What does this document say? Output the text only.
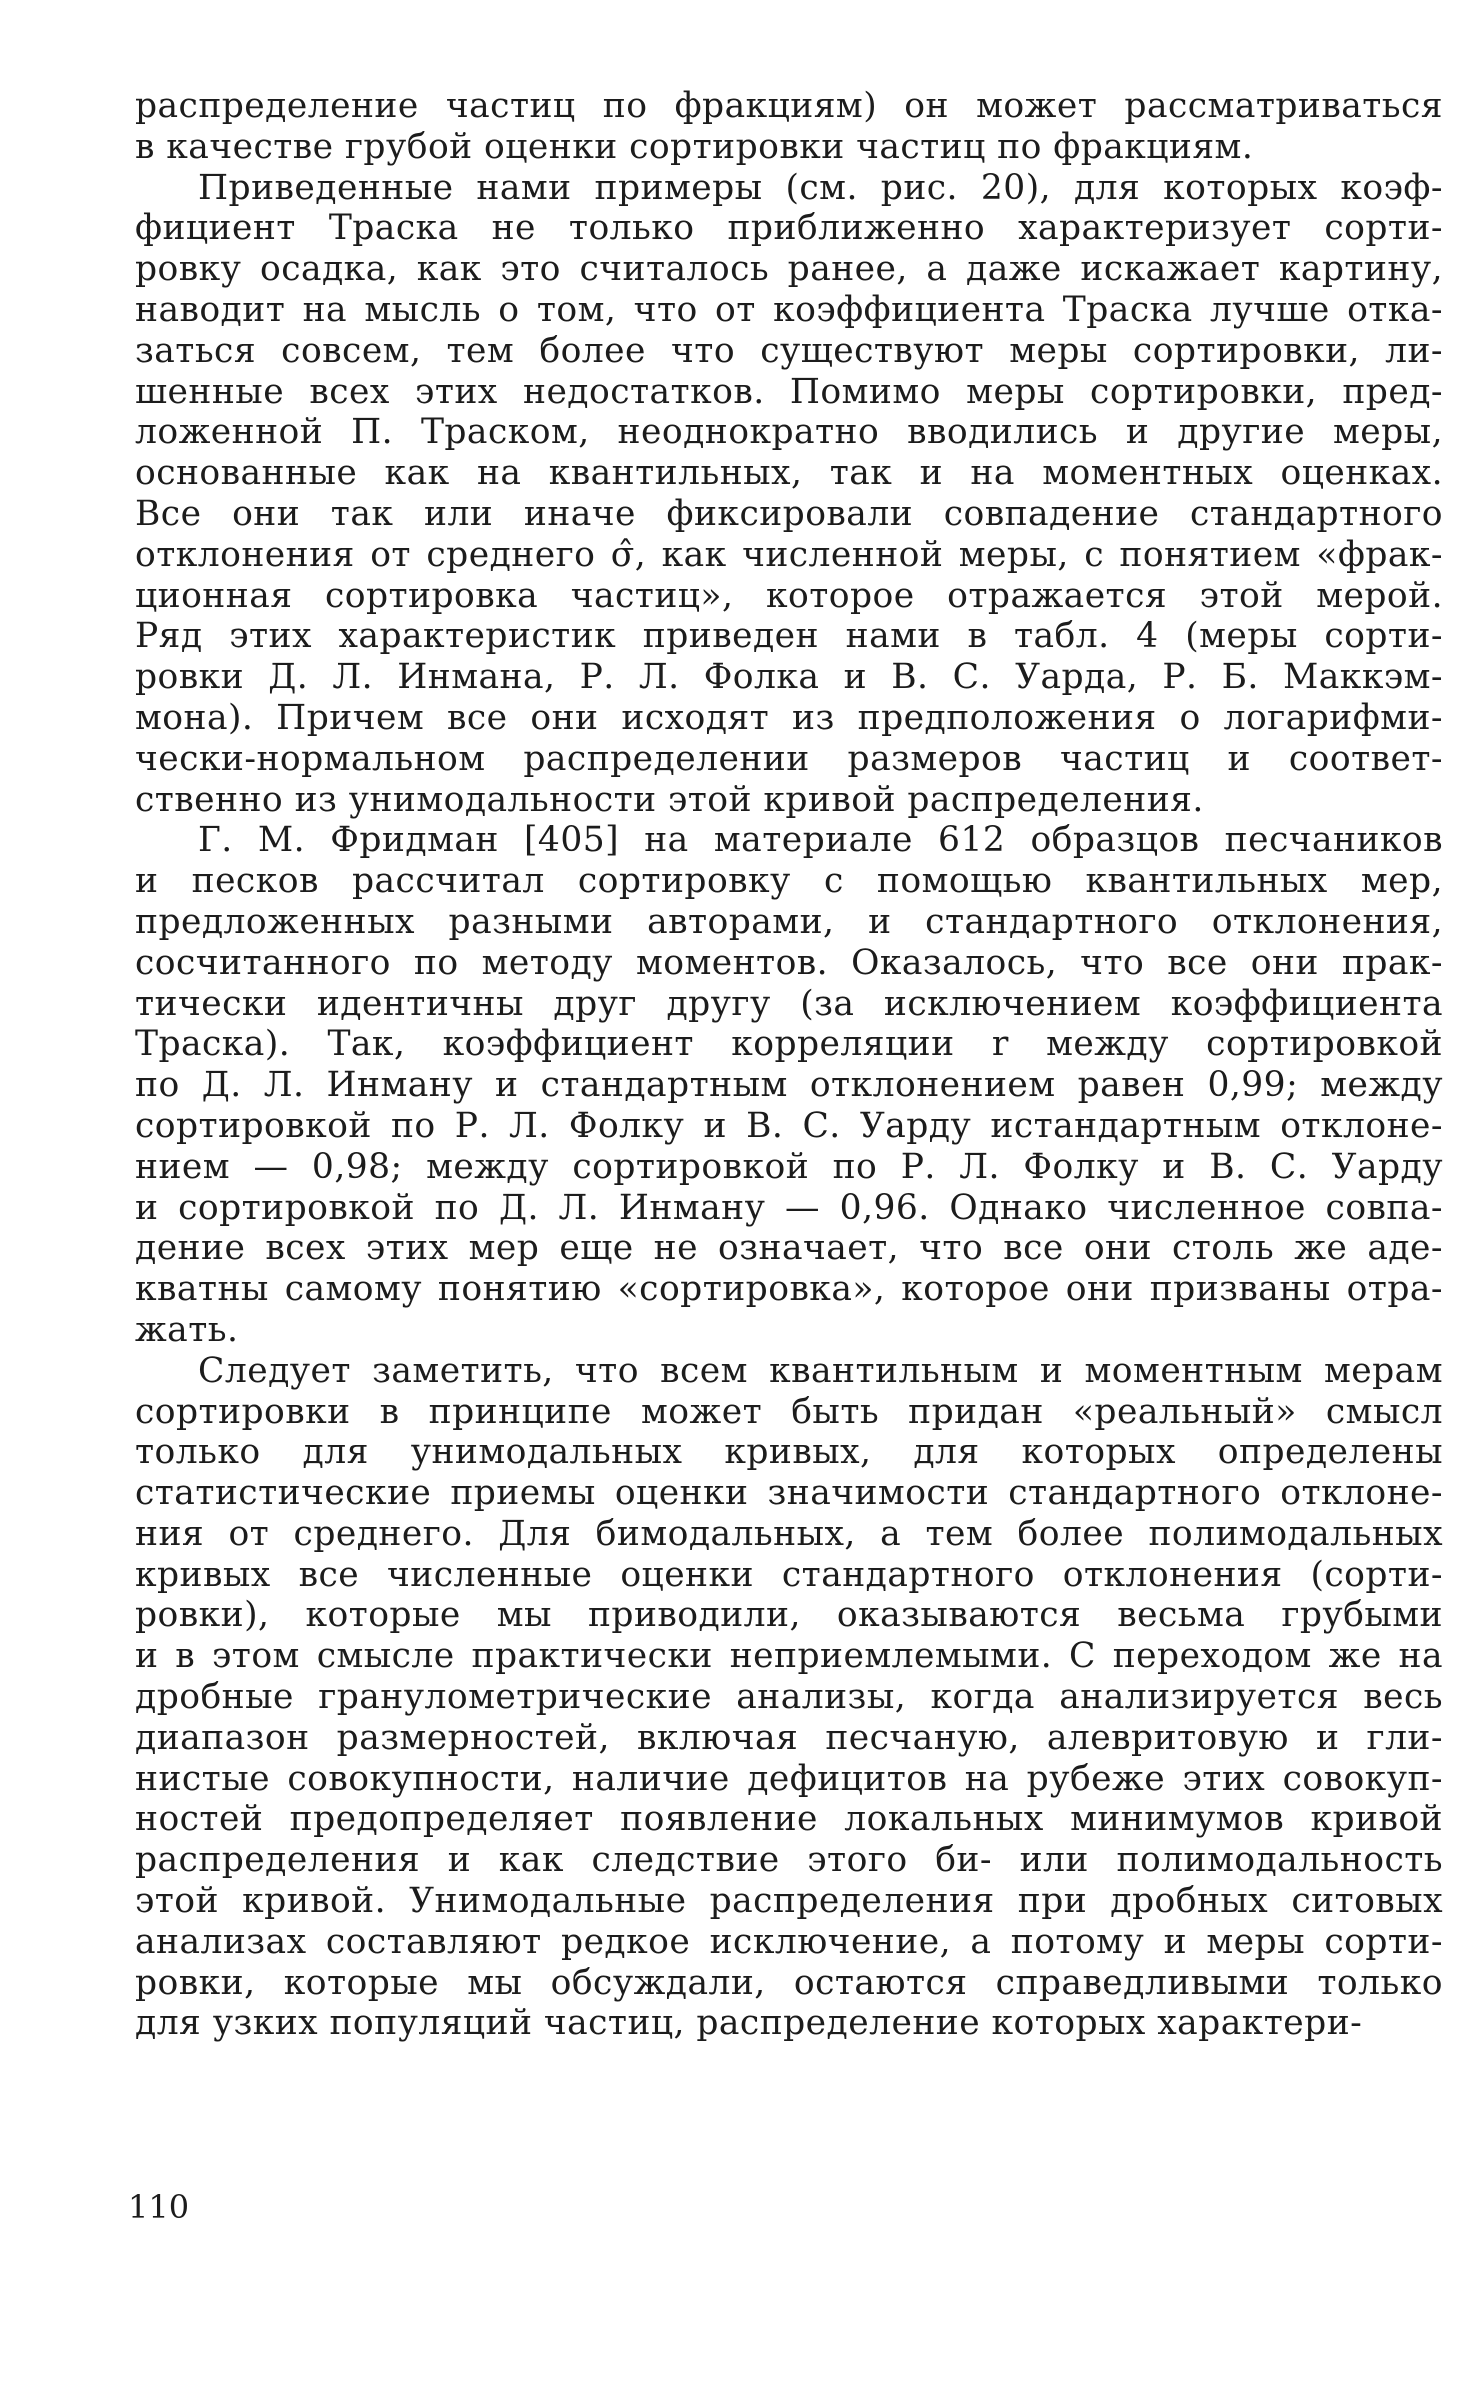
распределение частиц по фракциям) он может рассматриваться
в качестве грубой оценки сортировки частиц по фракциям.
Приведенные нами примеры (см. рис. 20), для которых коэф-
фициент Траска не только приближенно характеризует сорти-
ровку осадка, как это считалось ранее, а даже искажает картину,
наводит на мысль о том, что от коэффициента Траска лучше отка-
заться совсем, тем более что существуют меры сортировки, ли-
шенные всех этих недостатков. Помимо меры сортировки, пред-
ложенной П. Траском, неоднократно вводились и другие меры,
основанные как на квантильных, так и на моментных оценках.
Все они так или иначе фиксировали совпадение стандартного
отклонения от среднего σ̂, как численной меры, с понятием «фрак-
ционная сортировка частиц», которое отражается этой мерой.
Ряд этих характеристик приведен нами в табл. 4 (меры сорти-
ровки Д. Л. Инмана, Р. Л. Фолка и В. С. Уарда, Р. Б. Маккэм-
мона). Причем все они исходят из предположения о логарифми-
чески-нормальном распределении размеров частиц и соответ-
ственно из унимодальности этой кривой распределения.
Г. М. Фридман [405] на материале 612 образцов песчаников
и песков рассчитал сортировку с помощью квантильных мер,
предложенных разными авторами, и стандартного отклонения,
сосчитанного по методу моментов. Оказалось, что все они прак-
тически идентичны друг другу (за исключением коэффициента
Траска). Так, коэффициент корреляции r между сортировкой
по Д. Л. Инману и стандартным отклонением равен 0,99; между
сортировкой по Р. Л. Фолку и В. С. Уарду истандартным отклоне-
нием — 0,98; между сортировкой по Р. Л. Фолку и В. С. Уарду
и сортировкой по Д. Л. Инману — 0,96. Однако численное совпа-
дение всех этих мер еще не означает, что все они столь же аде-
кватны самому понятию «сортировка», которое они призваны отра-
жать.
Следует заметить, что всем квантильным и моментным мерам
сортировки в принципе может быть придан «реальный» смысл
только для унимодальных кривых, для которых определены
статистические приемы оценки значимости стандартного отклоне-
ния от среднего. Для бимодальных, а тем более полимодальных
кривых все численные оценки стандартного отклонения (сорти-
ровки), которые мы приводили, оказываются весьма грубыми
и в этом смысле практически неприемлемыми. С переходом же на
дробные гранулометрические анализы, когда анализируется весь
диапазон размерностей, включая песчаную, алевритовую и гли-
нистые совокупности, наличие дефицитов на рубеже этих совокуп-
ностей предопределяет появление локальных минимумов кривой
распределения и как следствие этого би- или полимодальность
этой кривой. Унимодальные распределения при дробных ситовых
анализах составляют редкое исключение, а потому и меры сорти-
ровки, которые мы обсуждали, остаются справедливыми только
для узких популяций частиц, распределение которых характери-
110
